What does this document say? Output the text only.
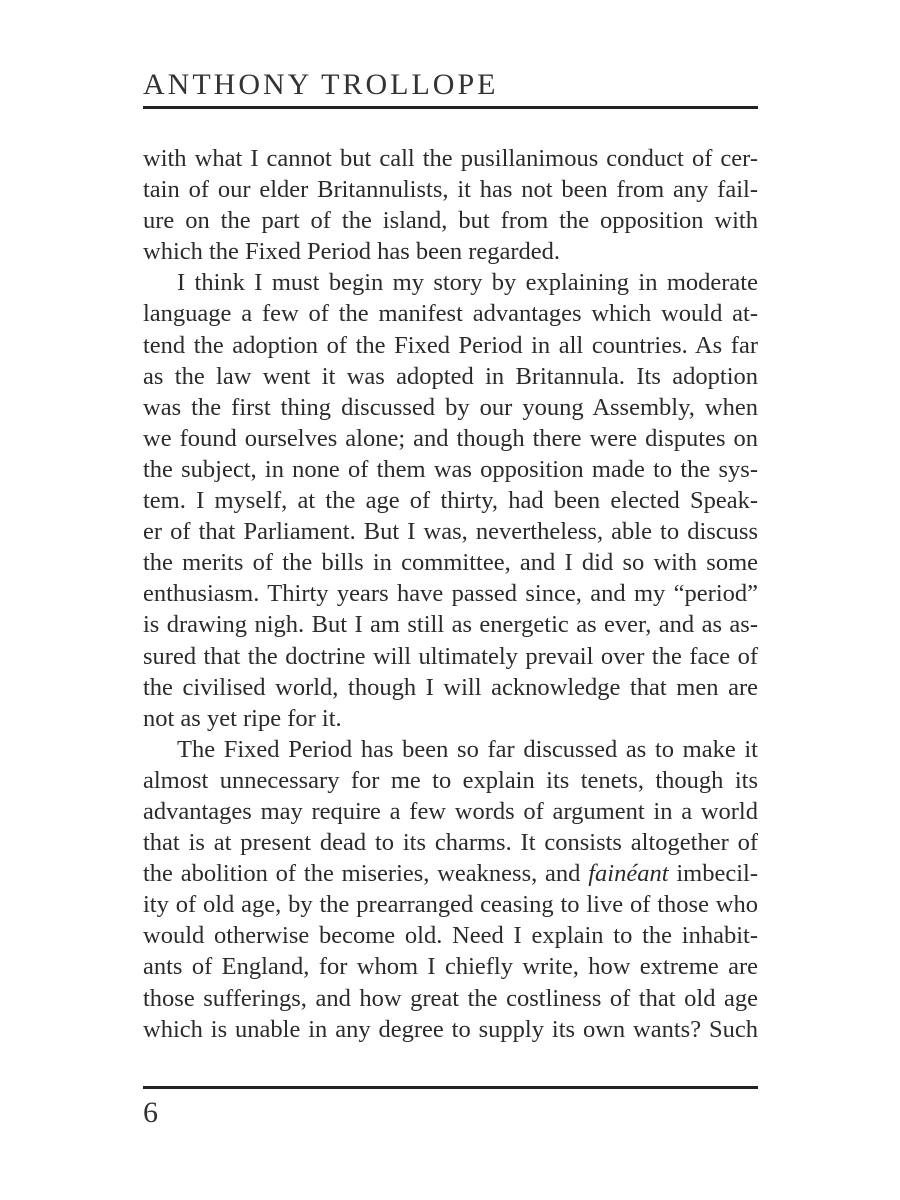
ANTHONY TROLLOPE
with what I cannot but call the pusillanimous conduct of cer-
tain of our elder Britannulists, it has not been from any fail-
ure on the part of the island, but from the opposition with
which the Fixed Period has been regarded.
I think I must begin my story by explaining in moderate
language a few of the manifest advantages which would at-
tend the adoption of the Fixed Period in all countries. As far
as the law went it was adopted in Britannula. Its adoption
was the first thing discussed by our young Assembly, when
we found ourselves alone; and though there were disputes on
the subject, in none of them was opposition made to the sys-
tem. I myself, at the age of thirty, had been elected Speak-
er of that Parliament. But I was, nevertheless, able to discuss
the merits of the bills in committee, and I did so with some
enthusiasm. Thirty years have passed since, and my “period”
is drawing nigh. But I am still as energetic as ever, and as as-
sured that the doctrine will ultimately prevail over the face of
the civilised world, though I will acknowledge that men are
not as yet ripe for it.
The Fixed Period has been so far discussed as to make it
almost unnecessary for me to explain its tenets, though its
advantages may require a few words of argument in a world
that is at present dead to its charms. It consists altogether of
the abolition of the miseries, weakness, and fainéant imbecil-
ity of old age, by the prearranged ceasing to live of those who
would otherwise become old. Need I explain to the inhabit-
ants of England, for whom I chiefly write, how extreme are
those sufferings, and how great the costliness of that old age
which is unable in any degree to supply its own wants? Such
6
